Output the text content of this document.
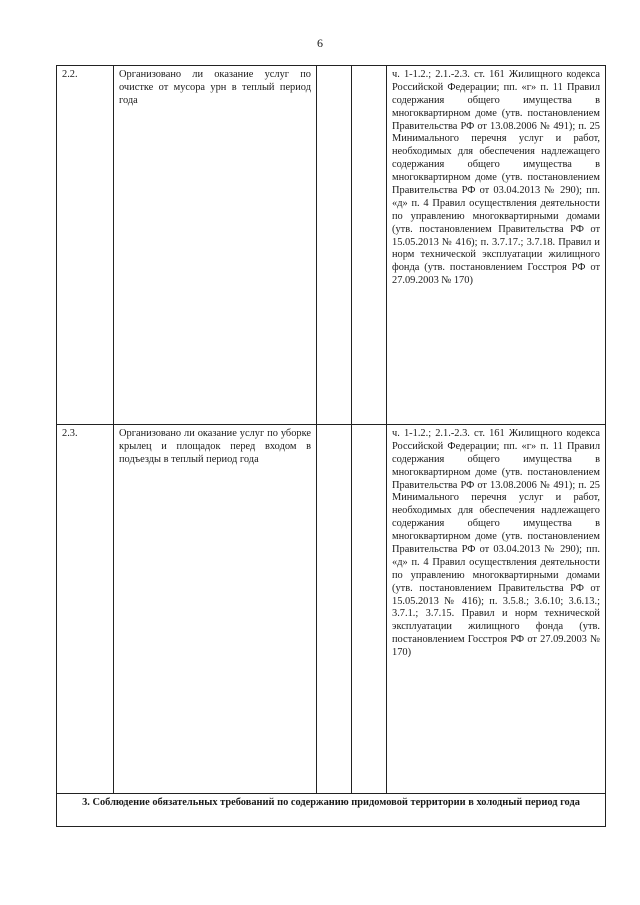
6
2.2.	Организовано ли оказание услуг по очистке от мусора урн в теплый период года			ч. 1-1.2.; 2.1.-2.3. ст. 161 Жилищного кодекса Российской Федерации; пп. «г» п. 11 Правил содержания общего имущества в многоквартирном доме (утв. постановлением Правительства РФ от 13.08.2006 № 491); п. 25 Минимального перечня услуг и работ, необходимых для обеспечения надлежащего содержания общего имущества в многоквартирном доме (утв. постановлением Правительства РФ от 03.04.2013 № 290); пп. «д» п. 4 Правил осуществления деятельности по управлению многоквартирными домами (утв. постановлением Правительства РФ от 15.05.2013 № 416); п. 3.7.17.; 3.7.18. Правил и норм технической эксплуатации жилищного фонда (утв. постановлением Госстроя РФ от 27.09.2003 № 170)
2.3.	Организовано ли оказание услуг по уборке крылец и площадок перед входом в подъезды в теплый период года			ч. 1-1.2.; 2.1.-2.3. ст. 161 Жилищного кодекса Российской Федерации; пп. «г» п. 11 Правил содержания общего имущества в многоквартирном доме (утв. постановлением Правительства РФ от 13.08.2006 № 491); п. 25 Минимального перечня услуг и работ, необходимых для обеспечения надлежащего содержания общего имущества в многоквартирном доме (утв. постановлением Правительства РФ от 03.04.2013 № 290); пп. «д» п. 4 Правил осуществления деятельности по управлению многоквартирными домами (утв. постановлением Правительства РФ от 15.05.2013 № 416); п. 3.5.8.; 3.6.10; 3.6.13.; 3.7.1.; 3.7.15. Правил и норм технической эксплуатации жилищного фонда (утв. постановлением Госстроя РФ от 27.09.2003 № 170)
3. Соблюдение обязательных требований по содержанию придомовой территории в холодный период года				
